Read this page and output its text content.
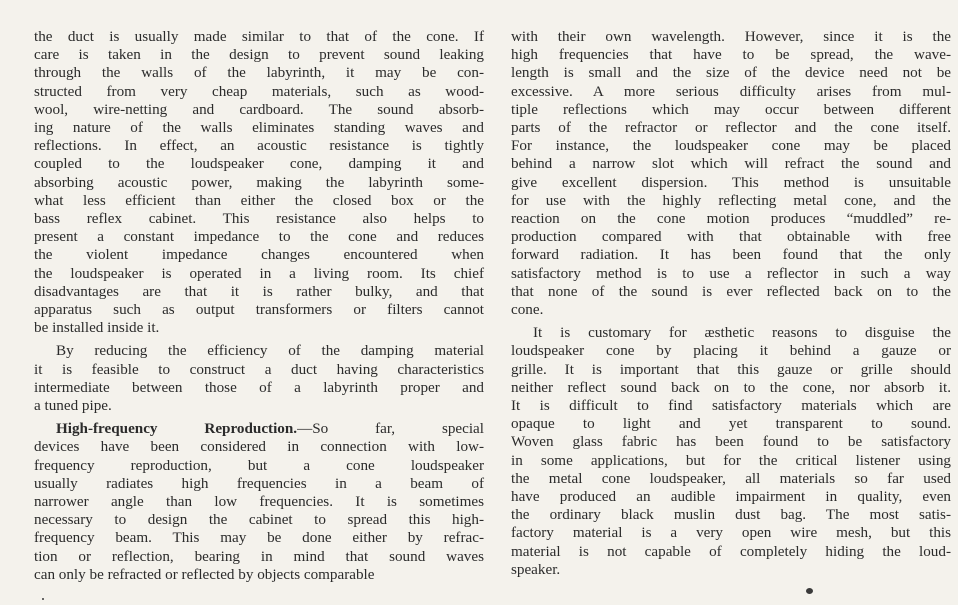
the duct is usually made similar to that of the cone. If
care is taken in the design to prevent sound leaking
through the walls of the labyrinth, it may be con-
structed from very cheap materials, such as wood-
wool, wire-netting and cardboard. The sound absorb-
ing nature of the walls eliminates standing waves and
reflections. In effect, an acoustic resistance is tightly
coupled to the loudspeaker cone, damping it and
absorbing acoustic power, making the labyrinth some-
what less efficient than either the closed box or the
bass reflex cabinet. This resistance also helps to
present a constant impedance to the cone and reduces
the violent impedance changes encountered when
the loudspeaker is operated in a living room. Its chief
disadvantages are that it is rather bulky, and that
apparatus such as output transformers or filters cannot
be installed inside it.
By reducing the efficiency of the damping material
it is feasible to construct a duct having characteristics
intermediate between those of a labyrinth proper and
a tuned pipe.
High-frequency Reproduction.—So far, special
devices have been considered in connection with low-
frequency reproduction, but a cone loudspeaker
usually radiates high frequencies in a beam of
narrower angle than low frequencies. It is sometimes
necessary to design the cabinet to spread this high-
frequency beam. This may be done either by refrac-
tion or reflection, bearing in mind that sound waves
can only be refracted or reflected by objects comparable
with their own wavelength. However, since it is the
high frequencies that have to be spread, the wave-
length is small and the size of the device need not be
excessive. A more serious difficulty arises from mul-
tiple reflections which may occur between different
parts of the refractor or reflector and the cone itself.
For instance, the loudspeaker cone may be placed
behind a narrow slot which will refract the sound and
give excellent dispersion. This method is unsuitable
for use with the highly reflecting metal cone, and the
reaction on the cone motion produces “muddled” re-
production compared with that obtainable with free
forward radiation. It has been found that the only
satisfactory method is to use a reflector in such a way
that none of the sound is ever reflected back on to the
cone.
It is customary for æsthetic reasons to disguise the
loudspeaker cone by placing it behind a gauze or
grille. It is important that this gauze or grille should
neither reflect sound back on to the cone, nor absorb it.
It is difficult to find satisfactory materials which are
opaque to light and yet transparent to sound.
Woven glass fabric has been found to be satisfactory
in some applications, but for the critical listener using
the metal cone loudspeaker, all materials so far used
have produced an audible impairment in quality, even
the ordinary black muslin dust bag. The most satis-
factory material is a very open wire mesh, but this
material is not capable of completely hiding the loud-
speaker.
